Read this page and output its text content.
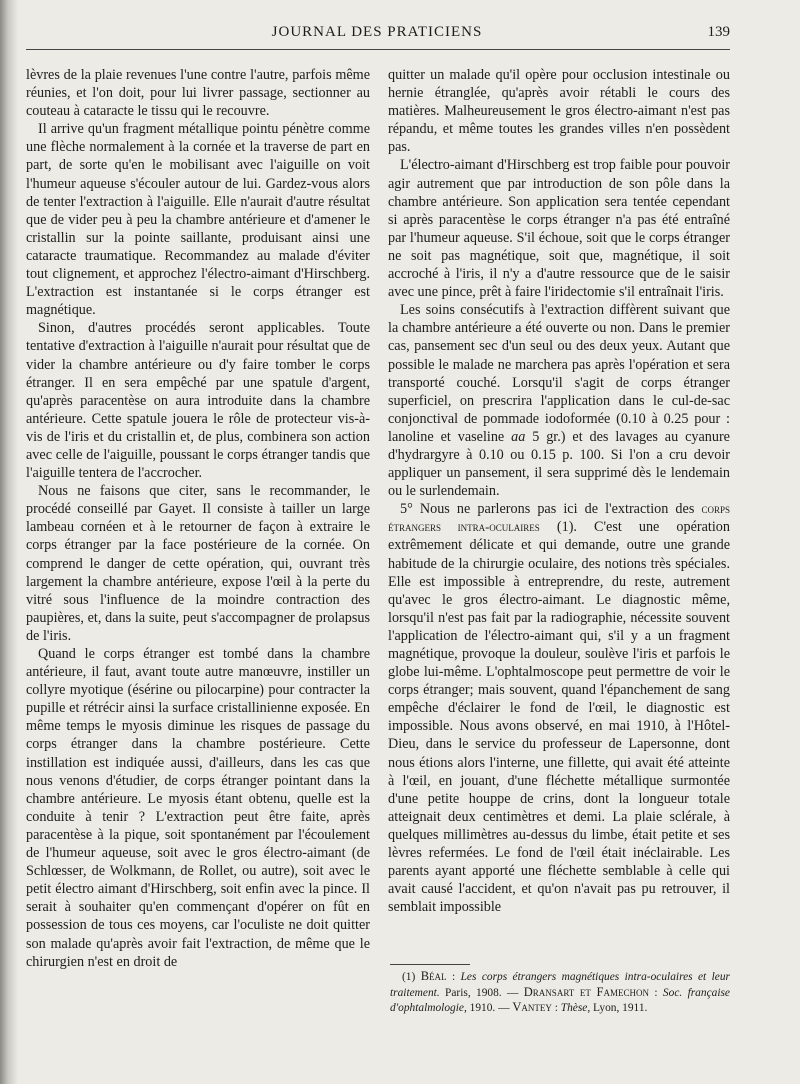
JOURNAL DES PRATICIENS	139

lèvres de la plaie revenues l'une contre l'autre, parfois même réunies, et l'on doit, pour lui livrer passage, sectionner au couteau à cataracte le tissu qui le recouvre.

Il arrive qu'un fragment métallique pointu pénètre comme une flèche normalement à la cornée et la traverse de part en part, de sorte qu'en le mobilisant avec l'aiguille on voit l'humeur aqueuse s'écouler autour de lui. Gardez-vous alors de tenter l'extraction à l'aiguille. Elle n'aurait d'autre résultat que de vider peu à peu la chambre antérieure et d'amener le cristallin sur la pointe saillante, produisant ainsi une cataracte traumatique. Recommandez au malade d'éviter tout clignement, et approchez l'électro-aimant d'Hirschberg. L'extraction est instantanée si le corps étranger est magnétique.

Sinon, d'autres procédés seront applicables. Toute tentative d'extraction à l'aiguille n'aurait pour résultat que de vider la chambre antérieure ou d'y faire tomber le corps étranger. Il en sera empêché par une spatule d'argent, qu'après paracentèse on aura introduite dans la chambre antérieure. Cette spatule jouera le rôle de protecteur vis-à-vis de l'iris et du cristallin et, de plus, combinera son action avec celle de l'aiguille, poussant le corps étranger tandis que l'aiguille tentera de l'accrocher.

Nous ne faisons que citer, sans le recommander, le procédé conseillé par Gayet. Il consiste à tailler un large lambeau cornéen et à le retourner de façon à extraire le corps étranger par la face postérieure de la cornée. On comprend le danger de cette opération, qui, ouvrant très largement la chambre antérieure, expose l'œil à la perte du vitré sous l'influence de la moindre contraction des paupières, et, dans la suite, peut s'accompagner de prolapsus de l'iris.

Quand le corps étranger est tombé dans la chambre antérieure, il faut, avant toute autre manœuvre, instiller un collyre myotique (ésérine ou pilocarpine) pour contracter la pupille et rétrécir ainsi la surface cristallinienne exposée. En même temps le myosis diminue les risques de passage du corps étranger dans la chambre postérieure. Cette instillation est indiquée aussi, d'ailleurs, dans les cas que nous venons d'étudier, de corps étranger pointant dans la chambre antérieure. Le myosis étant obtenu, quelle est la conduite à tenir ? L'extraction peut être faite, après paracentèse à la pique, soit spontanément par l'écoulement de l'humeur aqueuse, soit avec le gros électro-aimant (de Schlœsser, de Wolkmann, de Rollet, ou autre), soit avec le petit électro aimant d'Hirschberg, soit enfin avec la pince. Il serait à souhaiter qu'en commençant d'opérer on fût en possession de tous ces moyens, car l'oculiste ne doit quitter son malade qu'après avoir fait l'extraction, de même que le chirurgien n'est en droit de

quitter un malade qu'il opère pour occlusion intestinale ou hernie étranglée, qu'après avoir rétabli le cours des matières. Malheureusement le gros électro-aimant n'est pas répandu, et même toutes les grandes villes n'en possèdent pas.

L'électro-aimant d'Hirschberg est trop faible pour pouvoir agir autrement que par introduction de son pôle dans la chambre antérieure. Son application sera tentée cependant si après paracentèse le corps étranger n'a pas été entraîné par l'humeur aqueuse. S'il échoue, soit que le corps étranger ne soit pas magnétique, soit que, magnétique, il soit accroché à l'iris, il n'y a d'autre ressource que de le saisir avec une pince, prêt à faire l'iridectomie s'il entraînait l'iris.

Les soins consécutifs à l'extraction diffèrent suivant que la chambre antérieure a été ouverte ou non. Dans le premier cas, pansement sec d'un seul ou des deux yeux. Autant que possible le malade ne marchera pas après l'opération et sera transporté couché. Lorsqu'il s'agit de corps étranger superficiel, on prescrira l'application dans le cul-de-sac conjonctival de pommade iodoformée (0.10 à 0.25 pour : lanoline et vaseline aa 5 gr.) et des lavages au cyanure d'hydrargyre à 0.10 ou 0.15 p. 100. Si l'on a cru devoir appliquer un pansement, il sera supprimé dès le lendemain ou le surlendemain.

5° Nous ne parlerons pas ici de l'extraction des corps étrangers intra-oculaires (1). C'est une opération extrêmement délicate et qui demande, outre une grande habitude de la chirurgie oculaire, des notions très spéciales. Elle est impossible à entreprendre, du reste, autrement qu'avec le gros électro-aimant. Le diagnostic même, lorsqu'il n'est pas fait par la radiographie, nécessite souvent l'application de l'électro-aimant qui, s'il y a un fragment magnétique, provoque la douleur, soulève l'iris et parfois le globe lui-même. L'ophtalmoscope peut permettre de voir le corps étranger; mais souvent, quand l'épanchement de sang empêche d'éclairer le fond de l'œil, le diagnostic est impossible. Nous avons observé, en mai 1910, à l'Hôtel-Dieu, dans le service du professeur de Lapersonne, dont nous étions alors l'interne, une fillette, qui avait été atteinte à l'œil, en jouant, d'une fléchette métallique surmontée d'une petite houppe de crins, dont la longueur totale atteignait deux centimètres et demi. La plaie sclérale, à quelques millimètres au-dessus du limbe, était petite et ses lèvres refermées. Le fond de l'œil était inéclairable. Les parents ayant apporté une fléchette semblable à celle qui avait causé l'accident, et qu'on n'avait pas pu retrouver, il semblait impossible

(1) Béal : Les corps étrangers magnétiques intra-oculaires et leur traitement. Paris, 1908. — Dransart et Famechon : Soc. française d'ophtalmologie, 1910. — Vantey : Thèse, Lyon, 1911.
